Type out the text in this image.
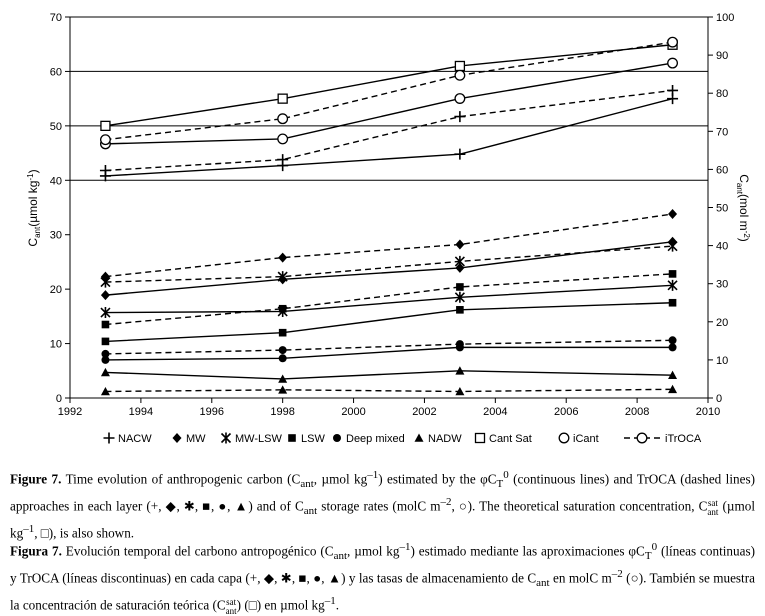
1992	1994	1996	1998	2000	2002	2004	2006	2008	2010
0
10
20
30
40
50
60
70
0
10
20
30
40
50
60
70
80
90
100
$C_{ant}(\mu mol$ $kg^{-1}$)
$C_{ant}(mol$ $m^{-2}$)
NACW	MW	MW-LSW LSW Deep mixed NADW Cant Sat	iCant	iTrOCA
Figure 7. Time evolution of anthropogenic carbon ($C_{ant}$, µmol $kg^{-1}$) estimated by the $\varphi C_T^0$ (continuous lines) and TrOCA (dashed lines) approaches in each layer (+, ◆, ✱, ■, ●, ▲) and of $C_{ant}$ storage rates (molC $m^{-2}$, ○). The theoretical saturation concentration, C sat
ant (µmol $kg^{-1}$, □), is also shown.
Figura 7. Evolución temporal del carbono antropogénico ($C_{ant}$, µmol $kg^{-1}$) estimado mediante las aproximaciones $\varphi C_T^0$ (líneas continuas) y TrOCA (líneas discontinuas) en cada capa (+, ◆, ✱, ■, ●, ▲) y las tasas de almacenamiento de $C_{ant}$ en molC $m^{-2}$ (○). También se muestra la concentración de saturación teórica (C sat
ant ) (□) en µmol $kg^{-1}$.
